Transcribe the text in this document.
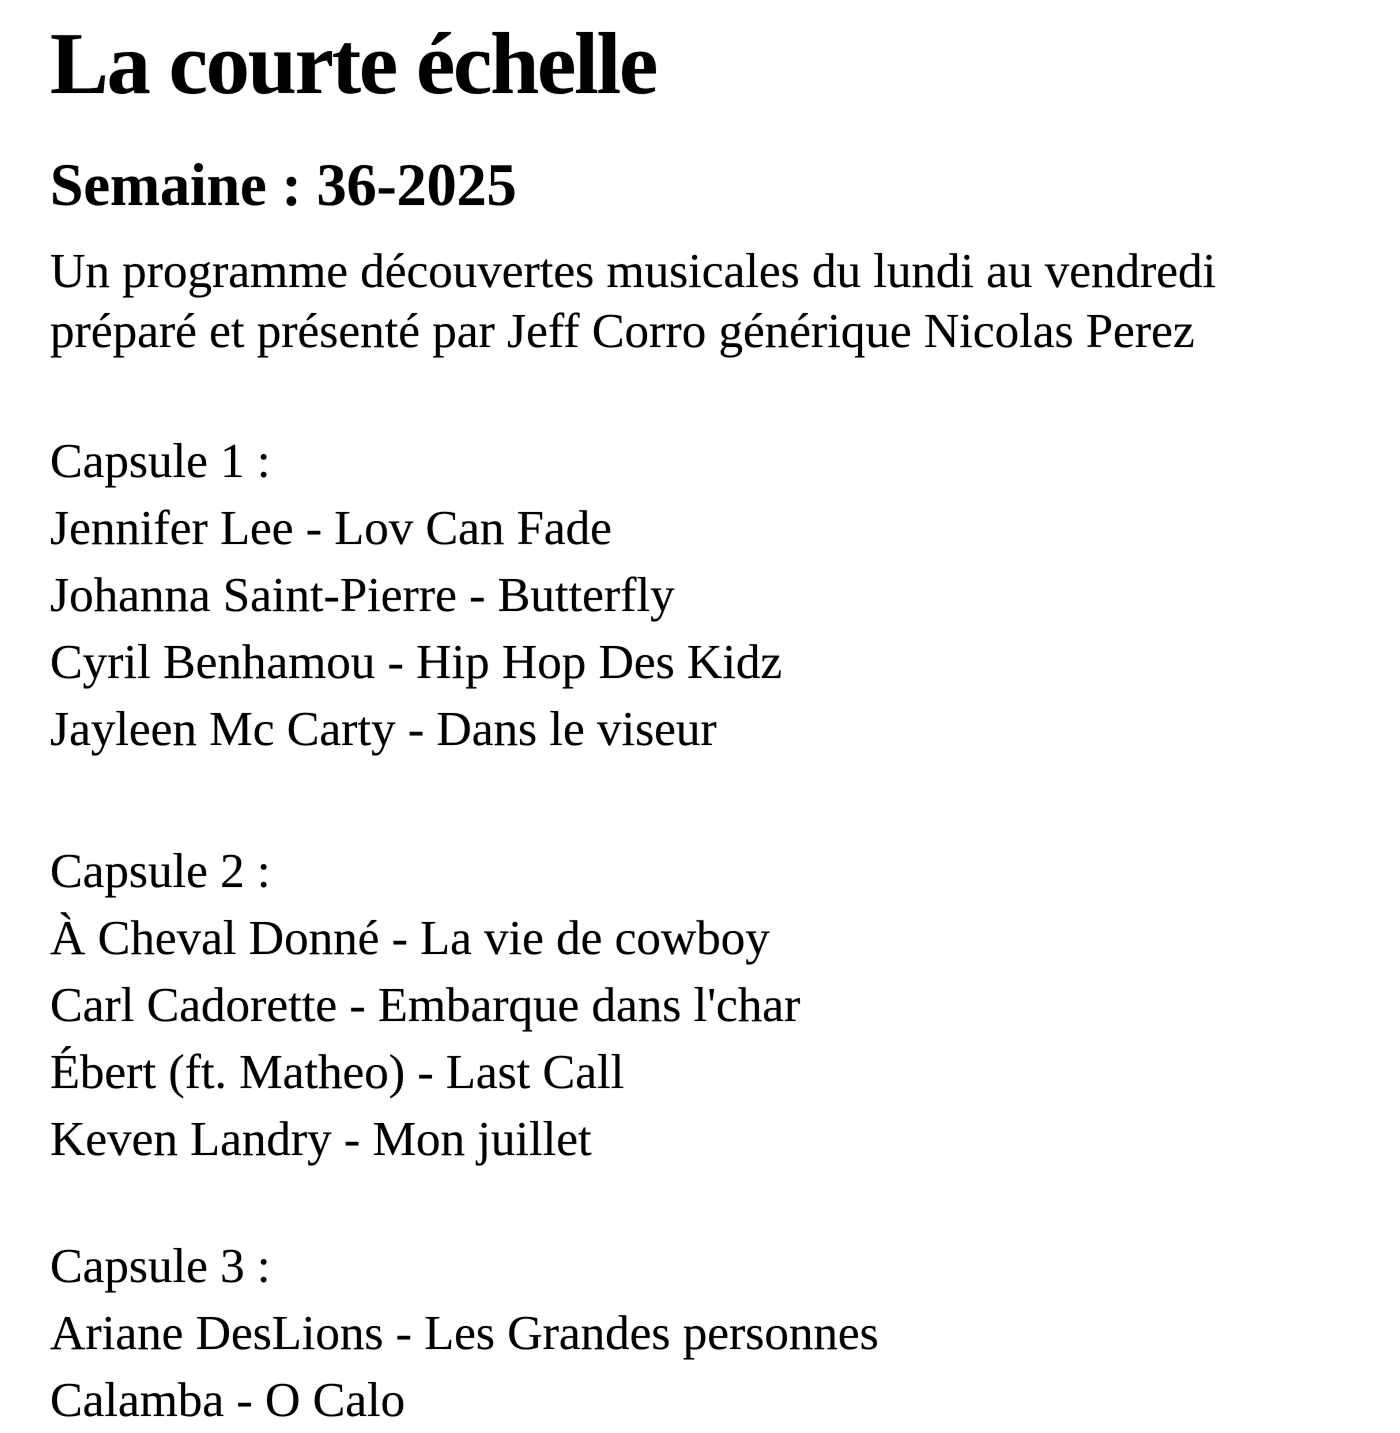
La courte échelle
Semaine : 36-2025
Un programme découvertes musicales du lundi au vendredi
préparé et présenté par Jeff Corro générique Nicolas Perez
Capsule 1 :
Jennifer Lee - Lov Can Fade
Johanna Saint-Pierre - Butterfly
Cyril Benhamou - Hip Hop Des Kidz
Jayleen Mc Carty - Dans le viseur
Capsule 2 :
À Cheval Donné - La vie de cowboy
Carl Cadorette - Embarque dans l'char
Ébert (ft. Matheo) - Last Call
Keven Landry - Mon juillet
Capsule 3 :
Ariane DesLions - Les Grandes personnes
Calamba - O Calo
